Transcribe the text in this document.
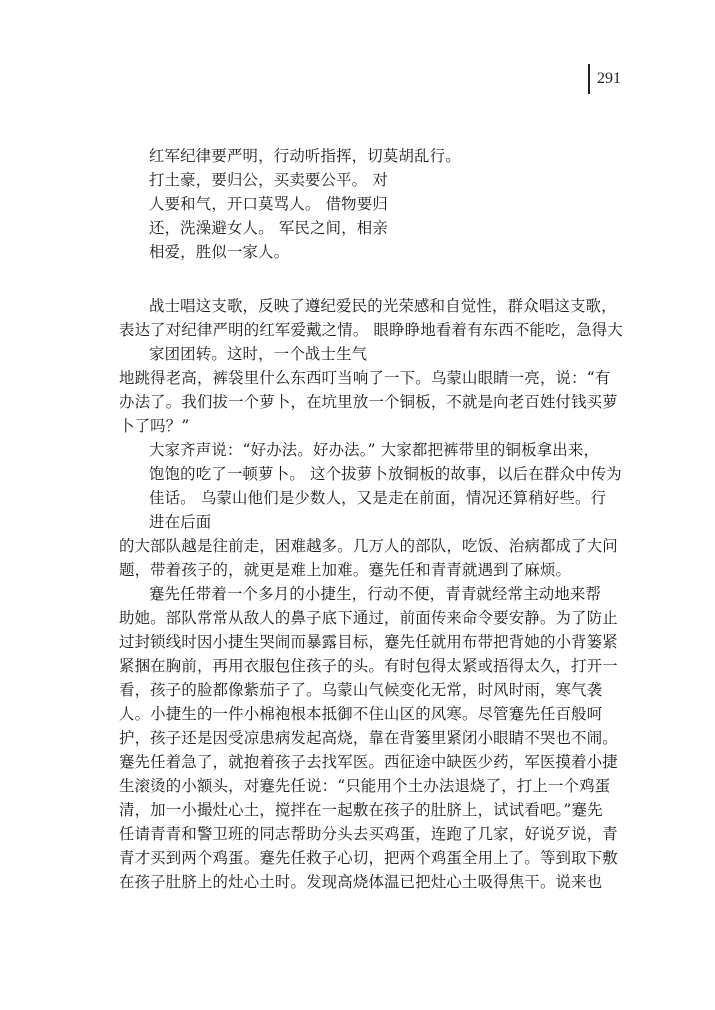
291
红军纪律要严明，行动听指挥，切莫胡乱行。
打土豪，要归公，买卖要公平。 对
人要和气，开口莫骂人。 借物要归
还，洗澡避女人。 军民之间，相亲
相爱，胜似一家人。
战士唱这支歌，反映了遵纪爱民的光荣感和自觉性，群众唱这支歌，
表达了对纪律严明的红军爱戴之情。 眼睁睁地看着有东西不能吃，急得大
家团团转。这时，一个战士生气
地跳得老高，裤袋里什么东西叮当响了一下。乌蒙山眼睛一亮，说：“有
办法了。我们拔一个萝卜，在坑里放一个铜板，不就是向老百姓付钱买萝
卜了吗？”
大家齐声说：“好办法。好办法。” 大家都把裤带里的铜板拿出来，
饱饱的吃了一顿萝卜。 这个拔萝卜放铜板的故事，以后在群众中传为
佳话。 乌蒙山他们是少数人，又是走在前面，情况还算稍好些。行
进在后面
的大部队越是往前走，困难越多。几万人的部队，吃饭、治病都成了大问
题，带着孩子的，就更是难上加难。蹇先任和青青就遇到了麻烦。
蹇先任带着一个多月的小捷生，行动不便，青青就经常主动地来帮
助她。部队常常从敌人的鼻子底下通过，前面传来命令要安静。为了防止
过封锁线时因小捷生哭闹而暴露目标，蹇先任就用布带把背她的小背篓紧
紧捆在胸前，再用衣服包住孩子的头。有时包得太紧或捂得太久，打开一
看，孩子的脸都像紫茄子了。乌蒙山气候变化无常，时风时雨，寒气袭
人。小捷生的一件小棉袍根本抵御不住山区的风寒。尽管蹇先任百般呵
护，孩子还是因受凉患病发起高烧，靠在背篓里紧闭小眼睛不哭也不闹。
蹇先任着急了，就抱着孩子去找军医。西征途中缺医少药，军医摸着小捷
生滚烫的小额头，对蹇先任说：“只能用个土办法退烧了，打上一个鸡蛋
清，加一小撮灶心土，搅拌在一起敷在孩子的肚脐上，试试看吧。”蹇先
任请青青和警卫班的同志帮助分头去买鸡蛋，连跑了几家，好说歹说，青
青才买到两个鸡蛋。蹇先任救子心切，把两个鸡蛋全用上了。等到取下敷
在孩子肚脐上的灶心土时。发现高烧体温已把灶心土吸得焦干。说来也
